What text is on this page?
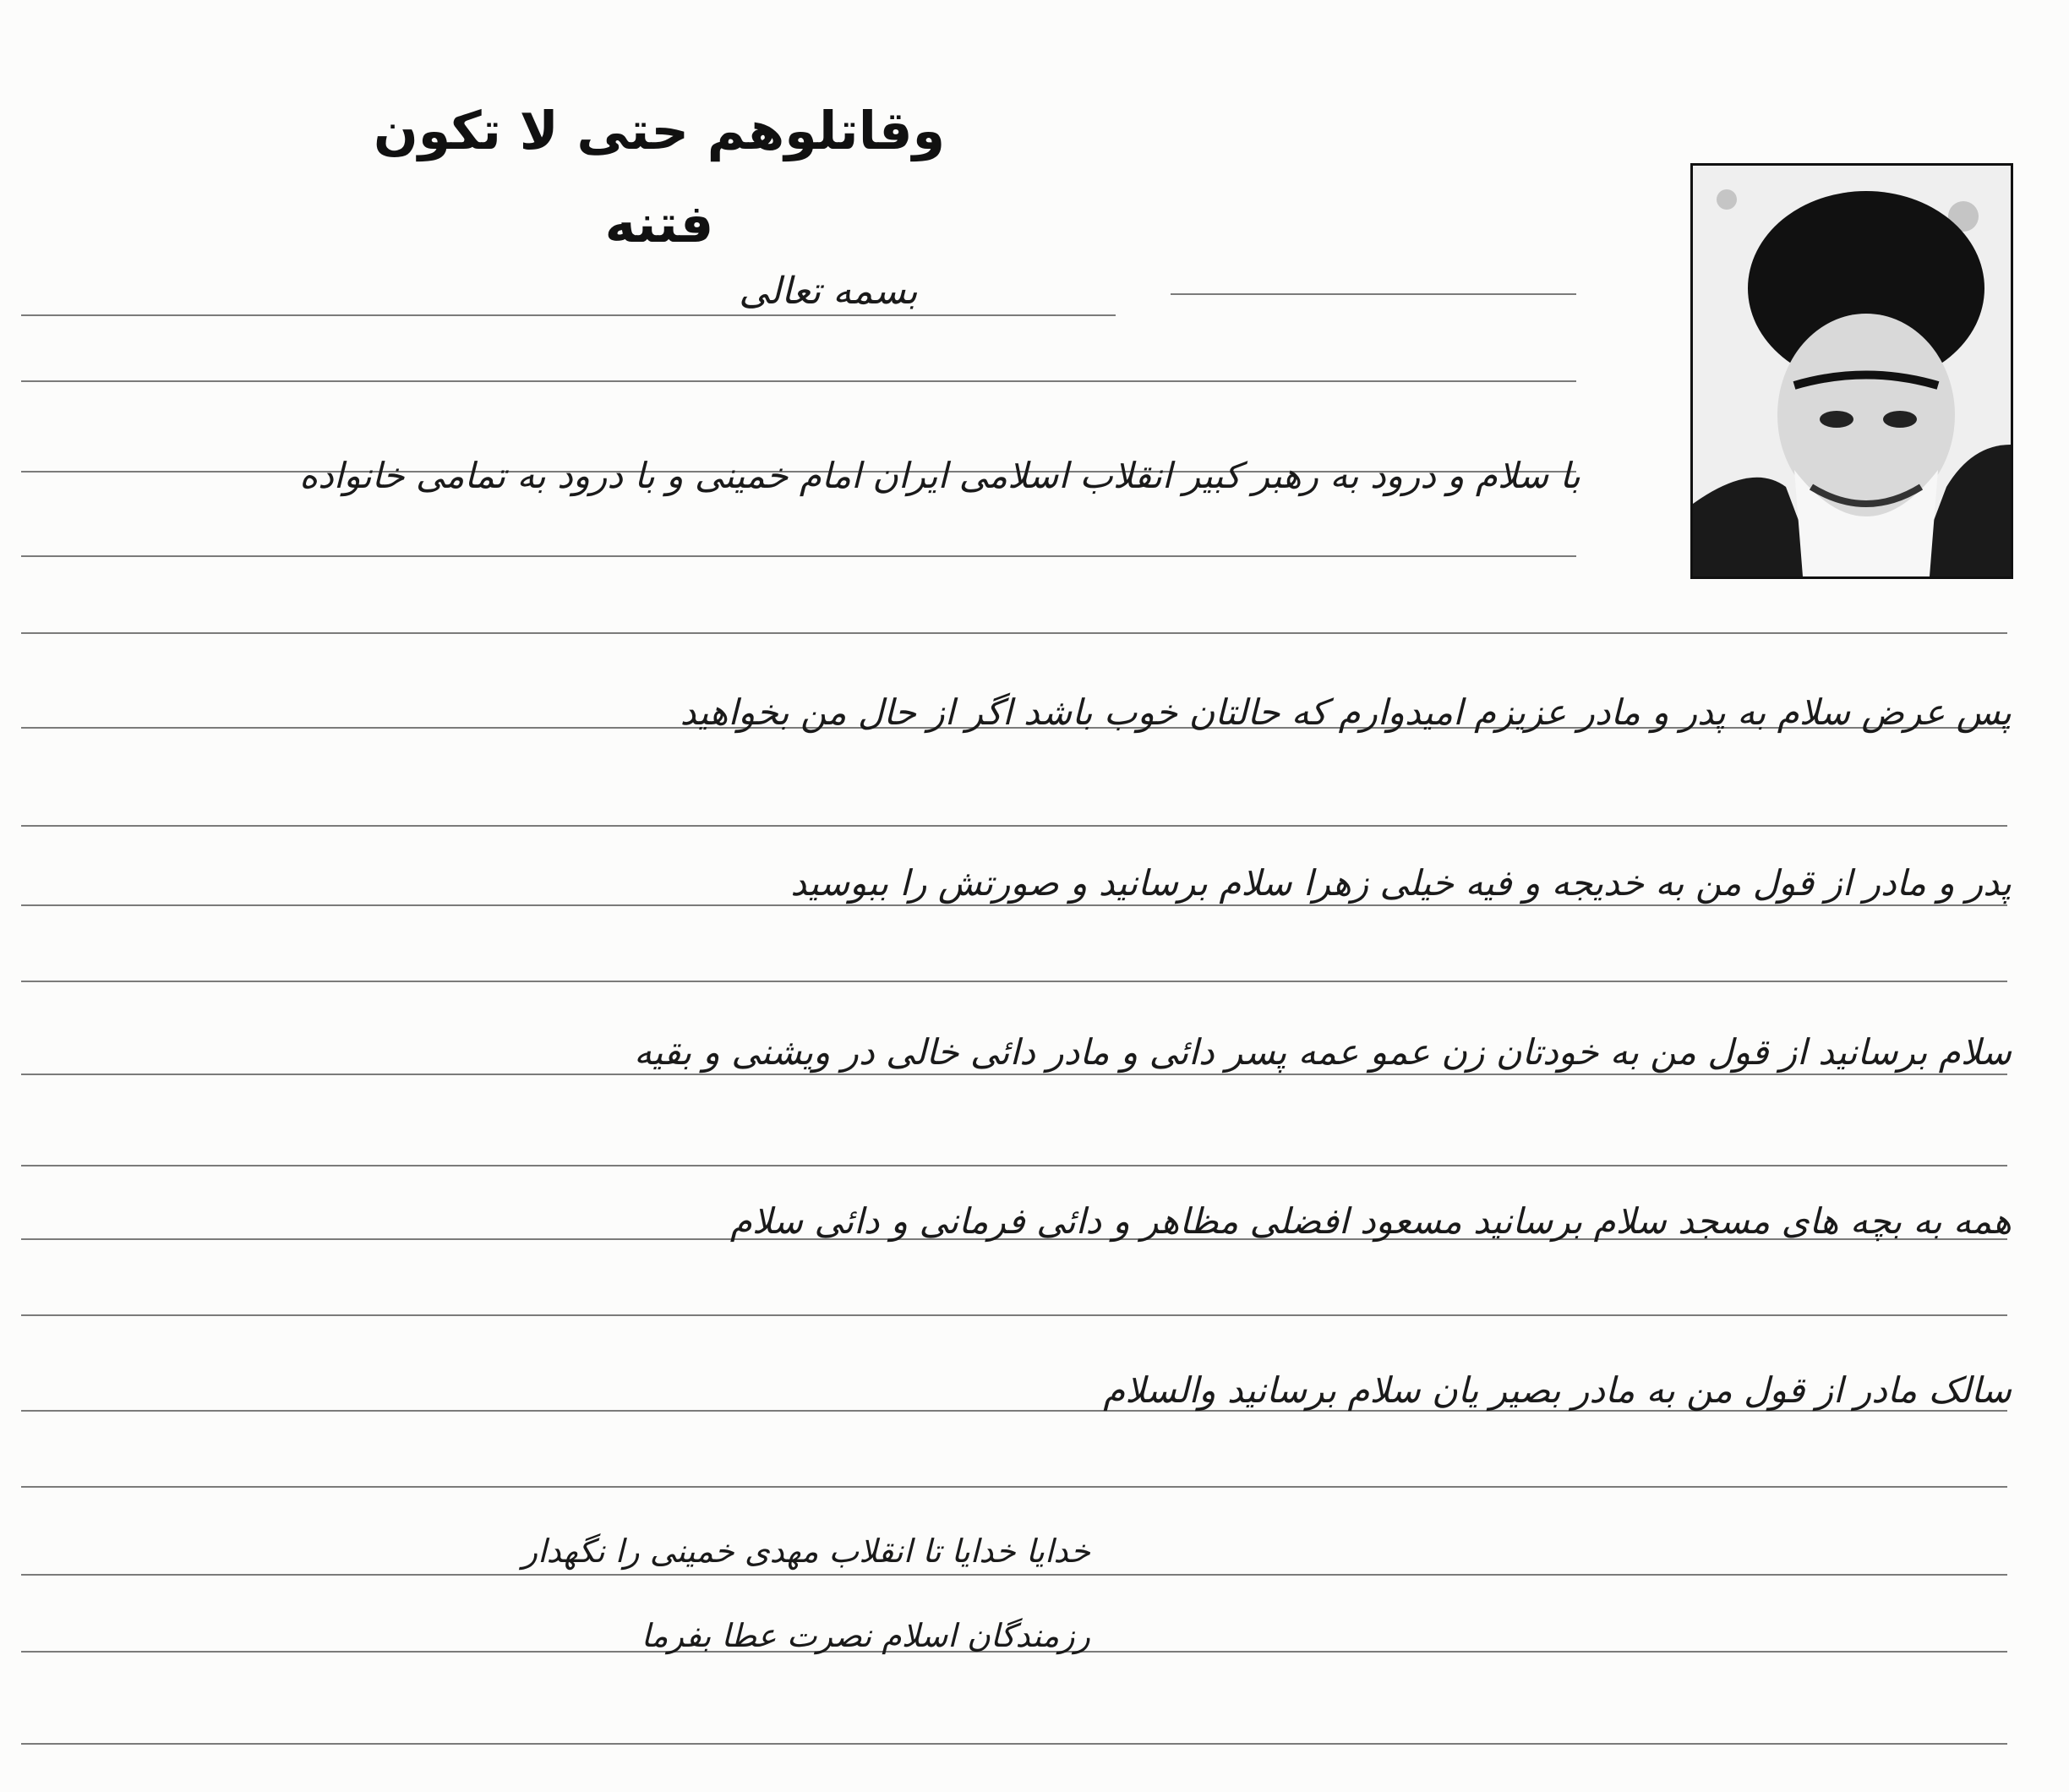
وقاتلوهم حتی لا تکون فتنه
بسمه تعالی
با سلام و درود به رهبر کبیر انقلاب اسلامی ایران امام خمینی و با درود به تمامی خانواده
پس عرض سلام به پدر و مادر عزیزم امیدوارم که حالتان خوب باشد اگر از حال من بخواهید
پدر و مادر از قول من به خدیجه و فیه خیلی زهرا سلام برسانید و صورتش را ببوسید
سلام برسانید از قول من به خودتان زن عمو عمه پسر دائی و مادر دائی خالی در ویشنی و بقیه
همه به بچه های مسجد سلام برسانید مسعود افضلی مظاهر و دائی فرمانی و دائی سلام
سالک مادر از قول من به مادر بصیر یان سلام برسانید والسلام
خدایا خدایا تا انقلاب مهدی خمینی را نگهدار
رزمندگان اسلام نصرت عطا بفرما
